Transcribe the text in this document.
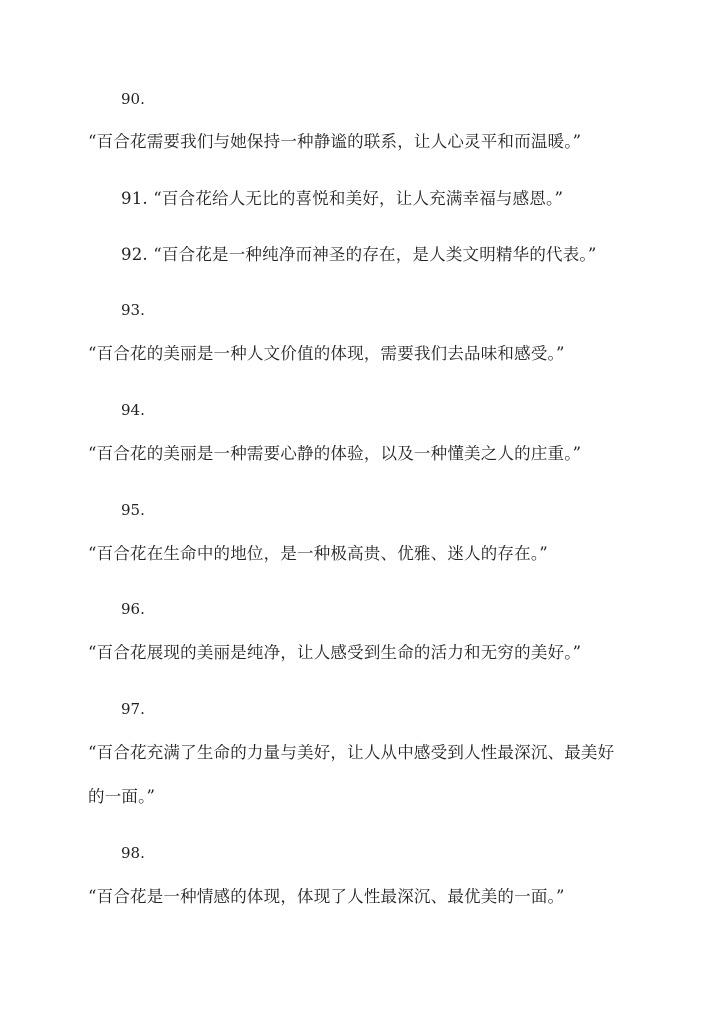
90.
“百合花需要我们与她保持一种静谧的联系，让人心灵平和而温暖。”
91. “百合花给人无比的喜悦和美好，让人充满幸福与感恩。”
92. “百合花是一种纯净而神圣的存在，是人类文明精华的代表。”
93.
“百合花的美丽是一种人文价值的体现，需要我们去品味和感受。”
94.
“百合花的美丽是一种需要心静的体验，以及一种懂美之人的庄重。”
95.
“百合花在生命中的地位，是一种极高贵、优雅、迷人的存在。”
96.
“百合花展现的美丽是纯净，让人感受到生命的活力和无穷的美好。”
97.
“百合花充满了生命的力量与美好，让人从中感受到人性最深沉、最美好
的一面。”
98.
“百合花是一种情感的体现，体现了人性最深沉、最优美的一面。”
